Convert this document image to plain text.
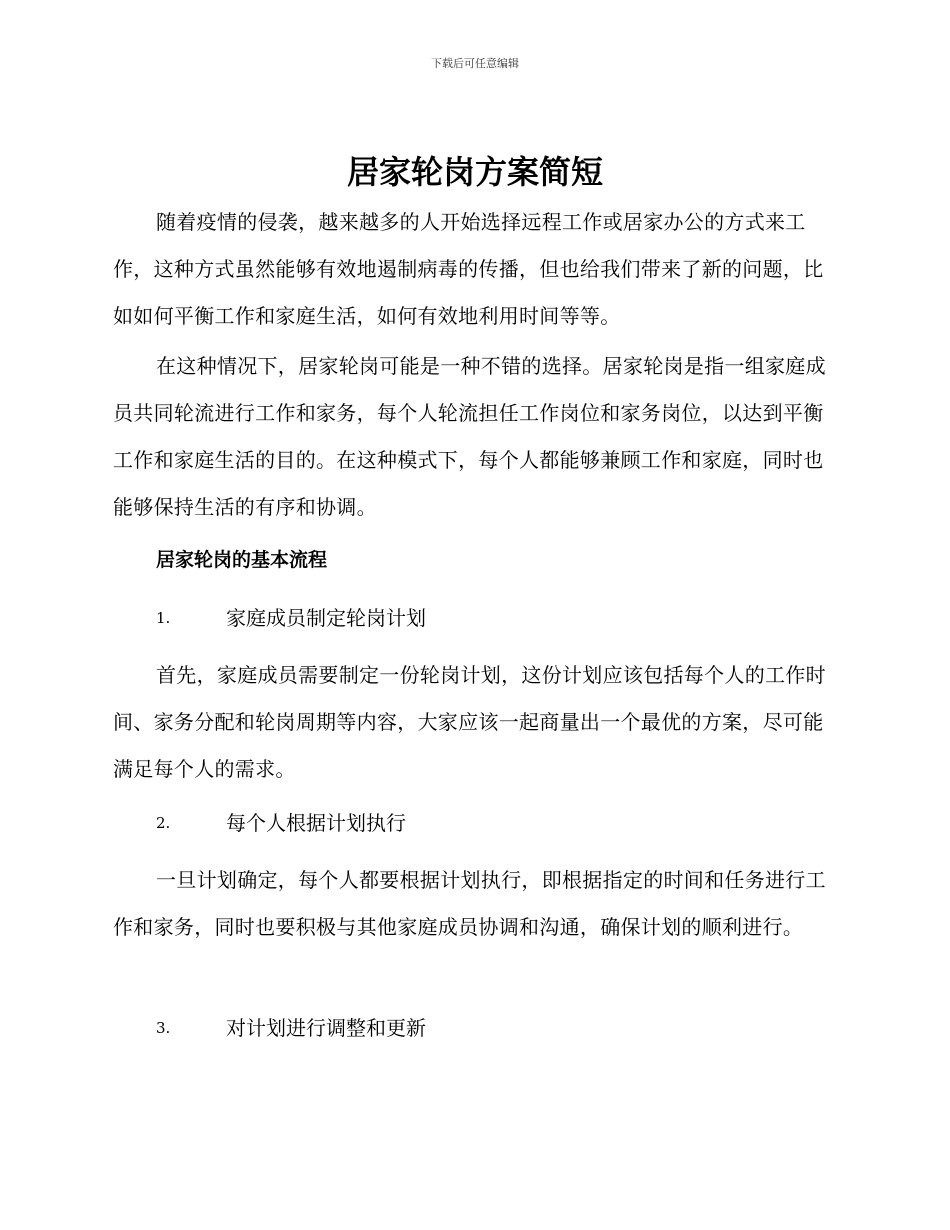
下载后可任意编辑
居家轮岗方案简短

随着疫情的侵袭，越来越多的人开始选择远程工作或居家办公的方式来工作，这种方式虽然能够有效地遏制病毒的传播，但也给我们带来了新的问题，比如如何平衡工作和家庭生活，如何有效地利用时间等等。

在这种情况下，居家轮岗可能是一种不错的选择。居家轮岗是指一组家庭成员共同轮流进行工作和家务，每个人轮流担任工作岗位和家务岗位，以达到平衡工作和家庭生活的目的。在这种模式下，每个人都能够兼顾工作和家庭，同时也能够保持生活的有序和协调。

居家轮岗的基本流程
1.	家庭成员制定轮岗计划

首先，家庭成员需要制定一份轮岗计划，这份计划应该包括每个人的工作时间、家务分配和轮岗周期等内容，大家应该一起商量出一个最优的方案，尽可能满足每个人的需求。

2.	每个人根据计划执行

一旦计划确定，每个人都要根据计划执行，即根据指定的时间和任务进行工作和家务，同时也要积极与其他家庭成员协调和沟通，确保计划的顺利进行。

3.	对计划进行调整和更新
